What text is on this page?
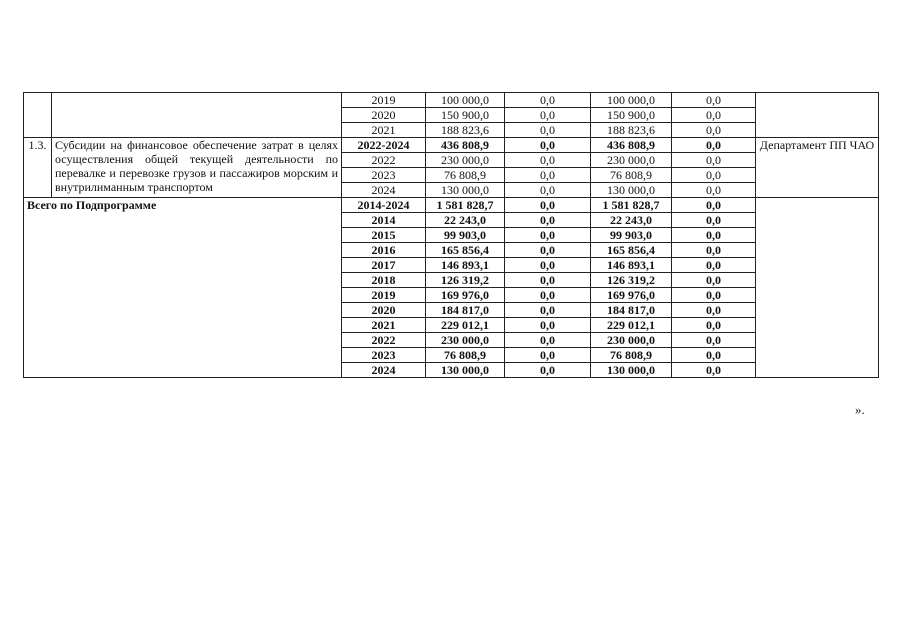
		2019	100 000,0	0,0	100 000,0	0,0	
		2020	150 900,0	0,0	150 900,0	0,0	
		2021	188 823,6	0,0	188 823,6	0,0	
1.3.	Субсидии на финансовое обеспечение затрат в целях осуществления общей текущей деятельности по перевалке и перевозке грузов и пассажиров морским и внутрилиманным транспортом	2022-2024	436 808,9	0,0	436 808,9	0,0	Департамент ПП ЧАО
		2022	230 000,0	0,0	230 000,0	0,0	
		2023	76 808,9	0,0	76 808,9	0,0	
		2024	130 000,0	0,0	130 000,0	0,0	
Всего по Подпрограмме		2014-2024	1 581 828,7	0,0	1 581 828,7	0,0	
		2014	22 243,0	0,0	22 243,0	0,0	
		2015	99 903,0	0,0	99 903,0	0,0	
		2016	165 856,4	0,0	165 856,4	0,0	
		2017	146 893,1	0,0	146 893,1	0,0	
		2018	126 319,2	0,0	126 319,2	0,0	
		2019	169 976,0	0,0	169 976,0	0,0	
		2020	184 817,0	0,0	184 817,0	0,0	
		2021	229 012,1	0,0	229 012,1	0,0	
		2022	230 000,0	0,0	230 000,0	0,0	
		2023	76 808,9	0,0	76 808,9	0,0	
		2024	130 000,0	0,0	130 000,0	0,0	
».
